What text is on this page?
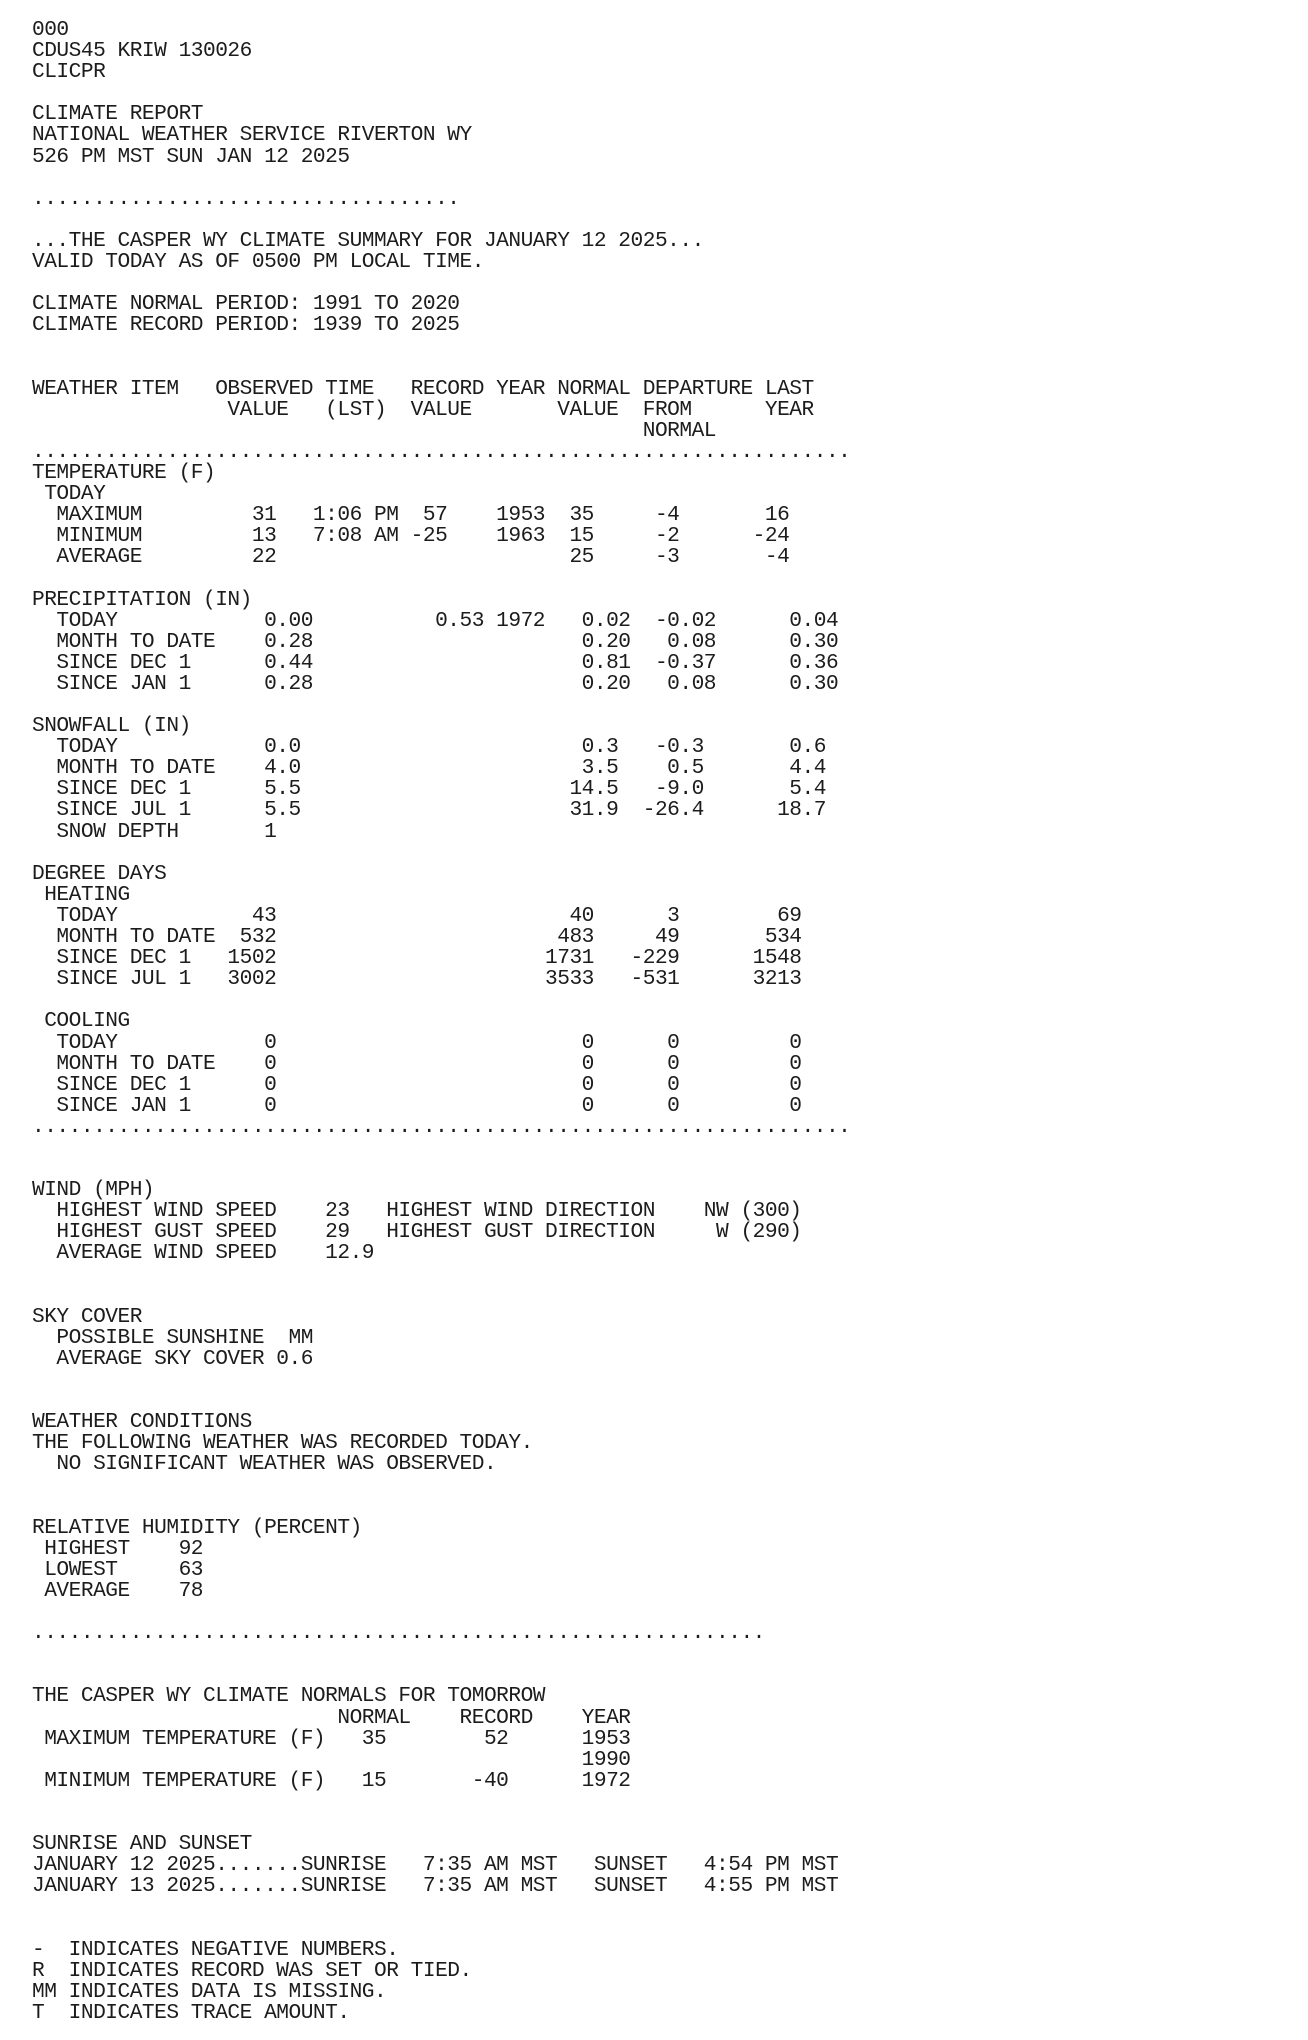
000
CDUS45 KRIW 130026
CLICPR

CLIMATE REPORT
NATIONAL WEATHER SERVICE RIVERTON WY
526 PM MST SUN JAN 12 2025

...................................

...THE CASPER WY CLIMATE SUMMARY FOR JANUARY 12 2025...
VALID TODAY AS OF 0500 PM LOCAL TIME.

CLIMATE NORMAL PERIOD: 1991 TO 2020
CLIMATE RECORD PERIOD: 1939 TO 2025

WEATHER ITEM   OBSERVED TIME   RECORD YEAR NORMAL DEPARTURE LAST
VALUE   (LST)  VALUE       VALUE  FROM      YEAR
NORMAL
...................................................................
TEMPERATURE (F)
TODAY
MAXIMUM         31   1:06 PM  57    1953  35     -4       16
MINIMUM         13   7:08 AM -25    1963  15     -2      -24
AVERAGE         22                        25     -3       -4

PRECIPITATION (IN)
TODAY            0.00          0.53 1972   0.02  -0.02      0.04
MONTH TO DATE    0.28                      0.20   0.08      0.30
SINCE DEC 1      0.44                      0.81  -0.37      0.36
SINCE JAN 1      0.28                      0.20   0.08      0.30

SNOWFALL (IN)
TODAY            0.0                       0.3   -0.3       0.6
MONTH TO DATE    4.0                       3.5    0.5       4.4
SINCE DEC 1      5.5                      14.5   -9.0       5.4
SINCE JUL 1      5.5                      31.9  -26.4      18.7
SNOW DEPTH       1

DEGREE DAYS
HEATING
TODAY           43                        40      3        69
MONTH TO DATE  532                       483     49       534
SINCE DEC 1   1502                      1731   -229      1548
SINCE JUL 1   3002                      3533   -531      3213

COOLING
TODAY            0                         0      0         0
MONTH TO DATE    0                         0      0         0
SINCE DEC 1      0                         0      0         0
SINCE JAN 1      0                         0      0         0
...................................................................

WIND (MPH)
HIGHEST WIND SPEED    23   HIGHEST WIND DIRECTION    NW (300)
HIGHEST GUST SPEED    29   HIGHEST GUST DIRECTION     W (290)
AVERAGE WIND SPEED    12.9

SKY COVER
POSSIBLE SUNSHINE  MM
AVERAGE SKY COVER 0.6

WEATHER CONDITIONS
THE FOLLOWING WEATHER WAS RECORDED TODAY.
NO SIGNIFICANT WEATHER WAS OBSERVED.

RELATIVE HUMIDITY (PERCENT)
HIGHEST    92
LOWEST     63
AVERAGE    78

............................................................

THE CASPER WY CLIMATE NORMALS FOR TOMORROW
NORMAL    RECORD    YEAR
MAXIMUM TEMPERATURE (F)   35        52      1953
1990
MINIMUM TEMPERATURE (F)   15       -40      1972

SUNRISE AND SUNSET
JANUARY 12 2025.......SUNRISE   7:35 AM MST   SUNSET   4:54 PM MST
JANUARY 13 2025.......SUNRISE   7:35 AM MST   SUNSET   4:55 PM MST

-  INDICATES NEGATIVE NUMBERS.
R  INDICATES RECORD WAS SET OR TIED.
MM INDICATES DATA IS MISSING.
T  INDICATES TRACE AMOUNT.
